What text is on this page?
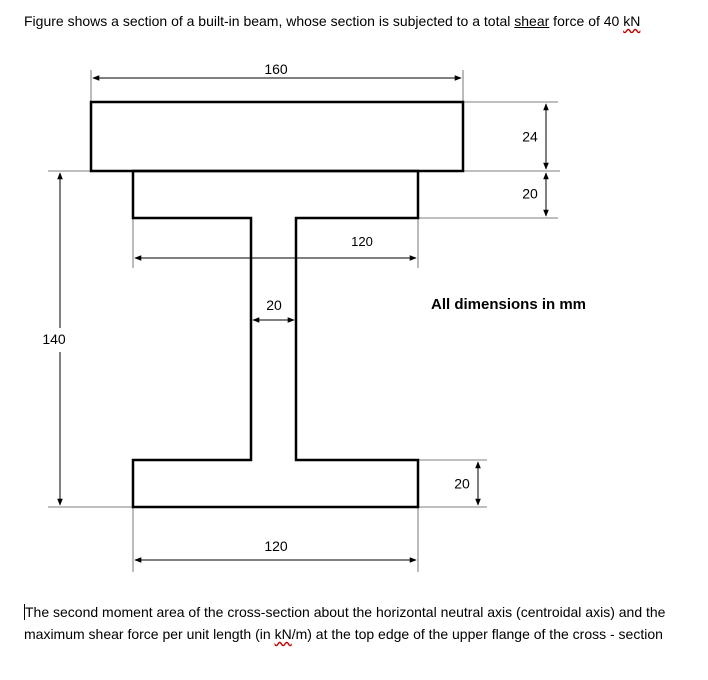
Figure shows a section of a built-in beam, whose section is subjected to a total shear force of 40 kN
160
24
20
120
20
140
20
120
All dimensions in mm
The second moment area of the cross-section about the horizontal neutral axis (centroidal axis) and the maximum shear force per unit length (in kN/m) at the top edge of the upper flange of the cross - section
